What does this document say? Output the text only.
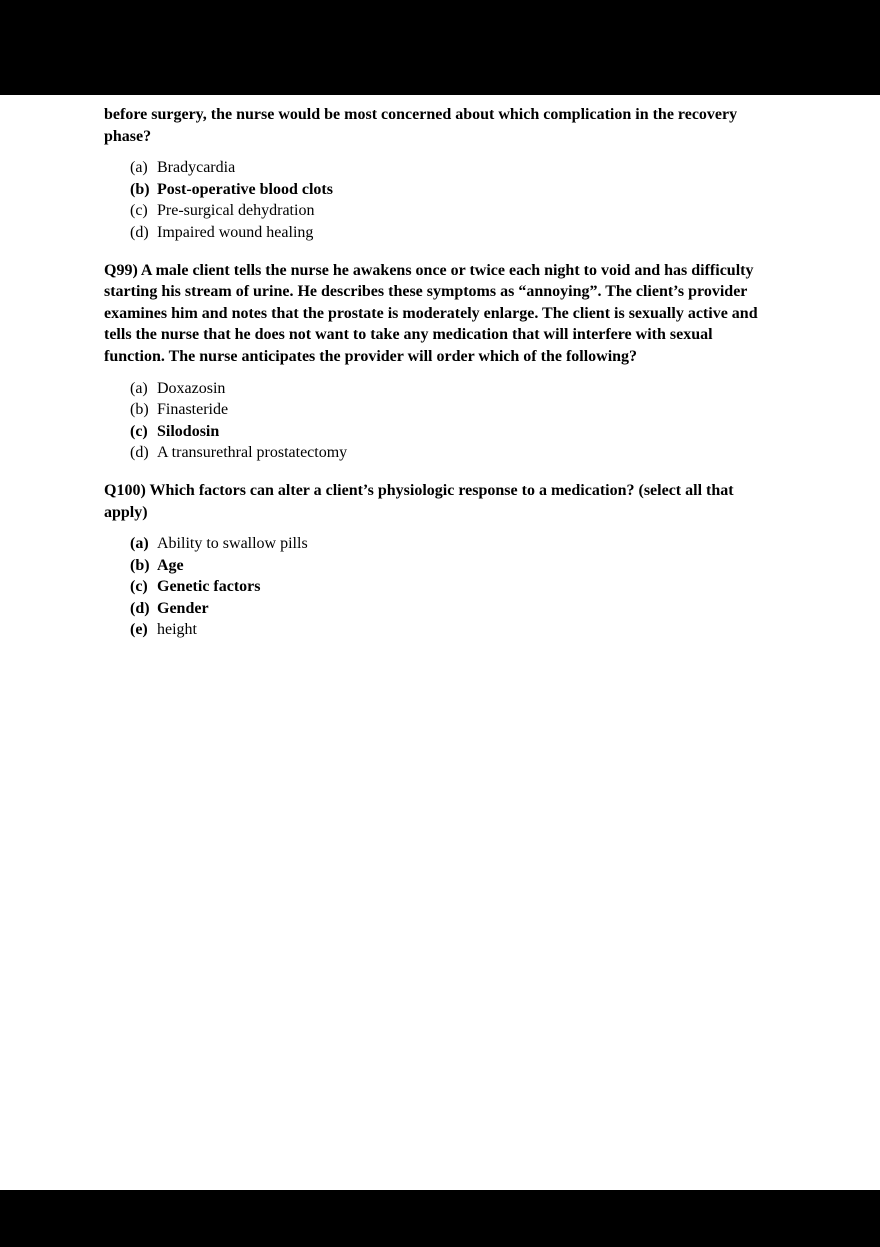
before surgery, the nurse would be most concerned about which complication in the recovery phase?

(a) Bradycardia
(b) Post-operative blood clots
(c) Pre-surgical dehydration
(d) Impaired wound healing

Q99) A male client tells the nurse he awakens once or twice each night to void and has difficulty starting his stream of urine. He describes these symptoms as “annoying”. The client’s provider examines him and notes that the prostate is moderately enlarge. The client is sexually active and tells the nurse that he does not want to take any medication that will interfere with sexual function. The nurse anticipates the provider will order which of the following?

(a) Doxazosin
(b) Finasteride
(c) Silodosin
(d) A transurethral prostatectomy

Q100) Which factors can alter a client’s physiologic response to a medication? (select all that apply)

(a) Ability to swallow pills
(b) Age
(c) Genetic factors
(d) Gender
(e) height
